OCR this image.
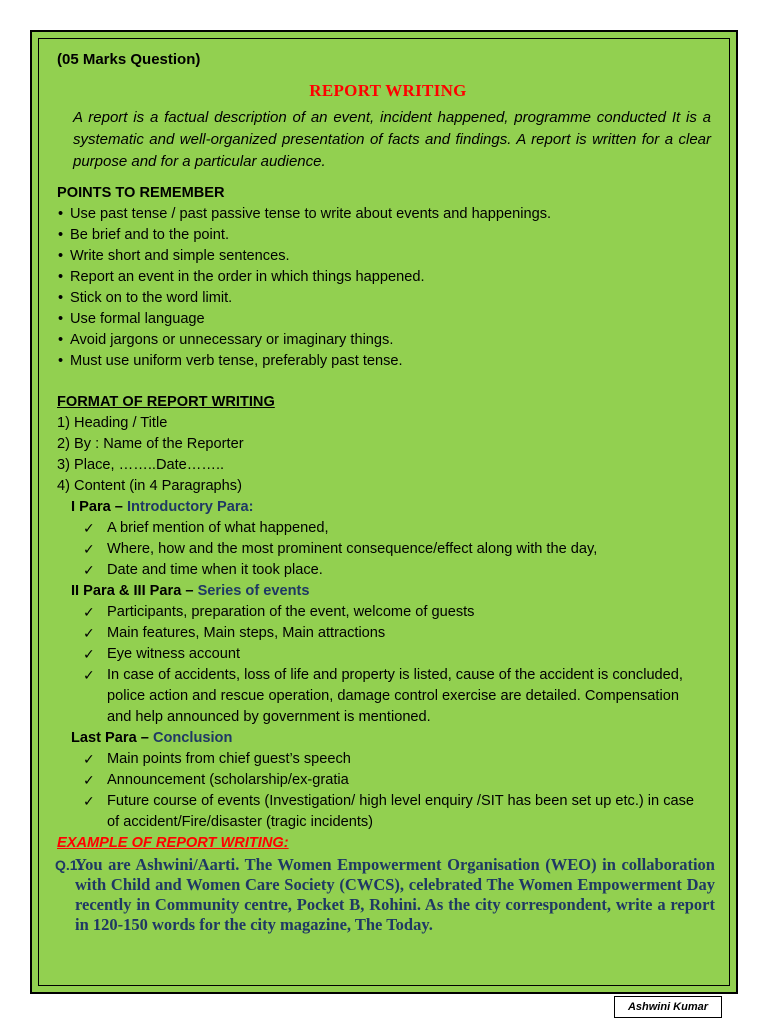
(05 Marks Question)
REPORT WRITING
A report is a factual description of an event, incident happened, programme conducted It is a systematic and well-organized presentation of facts and findings. A report is written for a clear purpose and for a particular audience.
POINTS TO REMEMBER
• Use past tense / past passive tense to write about events and happenings.
• Be brief and to the point.
• Write short and simple sentences.
• Report an event in the order in which things happened.
• Stick on to the word limit.
• Use formal language
• Avoid jargons or unnecessary or imaginary things.
• Must use uniform verb tense, preferably past tense.
FORMAT OF REPORT WRITING
1) Heading / Title
2) By : Name of the Reporter
3) Place, ……..Date……..
4) Content (in 4 Paragraphs)
I Para – Introductory Para:
✓ A brief mention of what happened,
✓ Where, how and the most prominent consequence/effect along with the day,
✓ Date and time when it took place.
II Para & III Para – Series of events
✓ Participants, preparation of the event, welcome of guests
✓ Main features, Main steps, Main attractions
✓ Eye witness account
✓ In case of accidents, loss of life and property is listed, cause of the accident is concluded, police action and rescue operation, damage control exercise are detailed. Compensation and help announced by government is mentioned.
Last Para – Conclusion
✓ Main points from chief guest’s speech
✓ Announcement (scholarship/ex-gratia
✓ Future course of events (Investigation/ high level enquiry /SIT has been set up etc.) in case of accident/Fire/disaster (tragic incidents)
EXAMPLE OF REPORT WRITING:
Q.1.
You are Ashwini/Aarti. The Women Empowerment Organisation (WEO) in collaboration with Child and Women Care Society (CWCS), celebrated The Women Empowerment Day recently in Community centre, Pocket B, Rohini. As the city correspondent, write a report in 120-150 words for the city magazine, The Today.
Ashwini Kumar
